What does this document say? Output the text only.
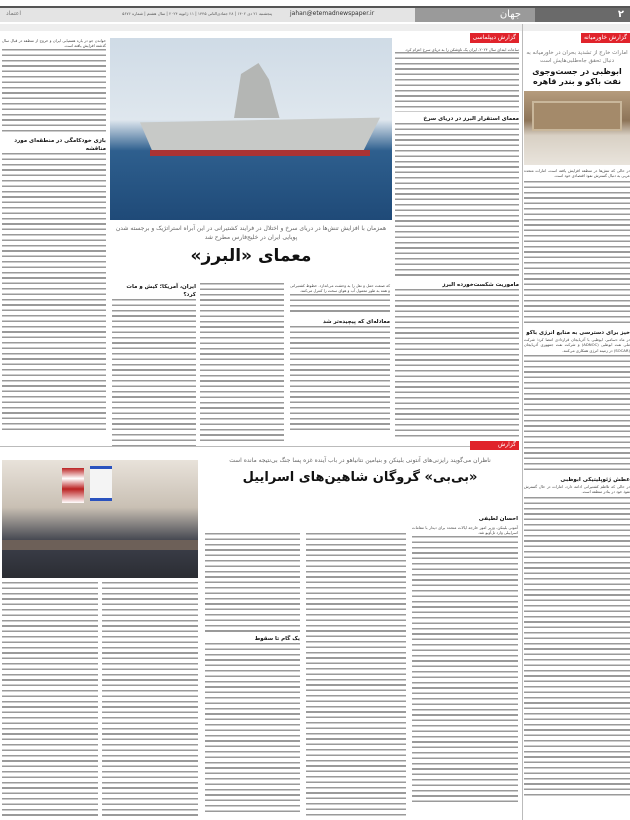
۲
جهان
jahan@etemadnewspaper.ir
پنجشنبه ۲۱ دی ۱۴۰۲ | ۲۸ جمادی‌الثانی ۱۴۴۵ | ۱۱ ژانویه ۲۰۲۴ | سال هشتم | شماره ۵۶۷۶
اعتماد
گزارش خاورمیانه
امارات خارج از تشدید بحران در خاورمیانه به دنبال تحقق جاه‌طلبی‌هایش است
ابوظبی در جست‌وجوی نفت باکو و بندر قاهره
در حالی که تنش‌ها در منطقه افزایش یافته است، امارات متحده عربی به دنبال گسترش نفوذ اقتصادی خود است.
خیز برای دسترسی به منابع انرژی باکو
در ماه دسامبر، ابوظبی با آذربایجان قراردادی امضا کرد؛ شرکت ملی نفت ابوظبی (ADNOC) و شرکت نفت جمهوری آذربایجان (SOCAR) در زمینه انرژی همکاری می‌کنند.
عطش ژئوپلیتیکی ابوظبی
در حالی که تلاطم کشتیرانی ادامه دارد، امارات در حال گسترش نفوذ خود در بنادر منطقه است.
گزارش دیپلماسی
ساعات ابتدای سال ۲۰۲۴، ایران یک ناوشکن را به دریای سرخ اعزام کرد.
معمای استقرار البرز در دریای سرخ
ماموریت شکست‌خورده البرز
همزمان با افزایش تنش‌ها در دریای سرخ و اختلال در فرایند کشتیرانی در این آبراه استراتژیک و برجسته شدن پویایی ایران در خلیج‌فارس مطرح شد
معمای «البرز»
که صنعت حمل و نقل را به وحشت می‌اندازد. خطوط کشتیرانی و همه به طور معمول آب و هوای سخت را کنترل می‌کنند.
معادله‌ای که پیچیده‌تر شد
ایران، آمریکا؛ کیش و مات کرد؟
خواندن جو در باره هستیابی ایران و خروج از منطقه در قبال سال گذشته افزایش یافته است.
بازی خودکامگی در منطقه‌ای مورد مناقشه
گزارش
ناظران می‌گویند رایزنی‌های آنتونی بلینکن و بنیامین نتانیاهو در باب آینده غزه پسا جنگ بی‌نتیجه مانده است
«بی‌بی» گروگان شاهین‌های اسراییل
یک گام تا سقوط
احسان لطیفی
آنتونی بلینکن، وزیر امور خارجه ایالات متحده برای دیدار با مقامات اسراییلی وارد تل‌آویو شد.
